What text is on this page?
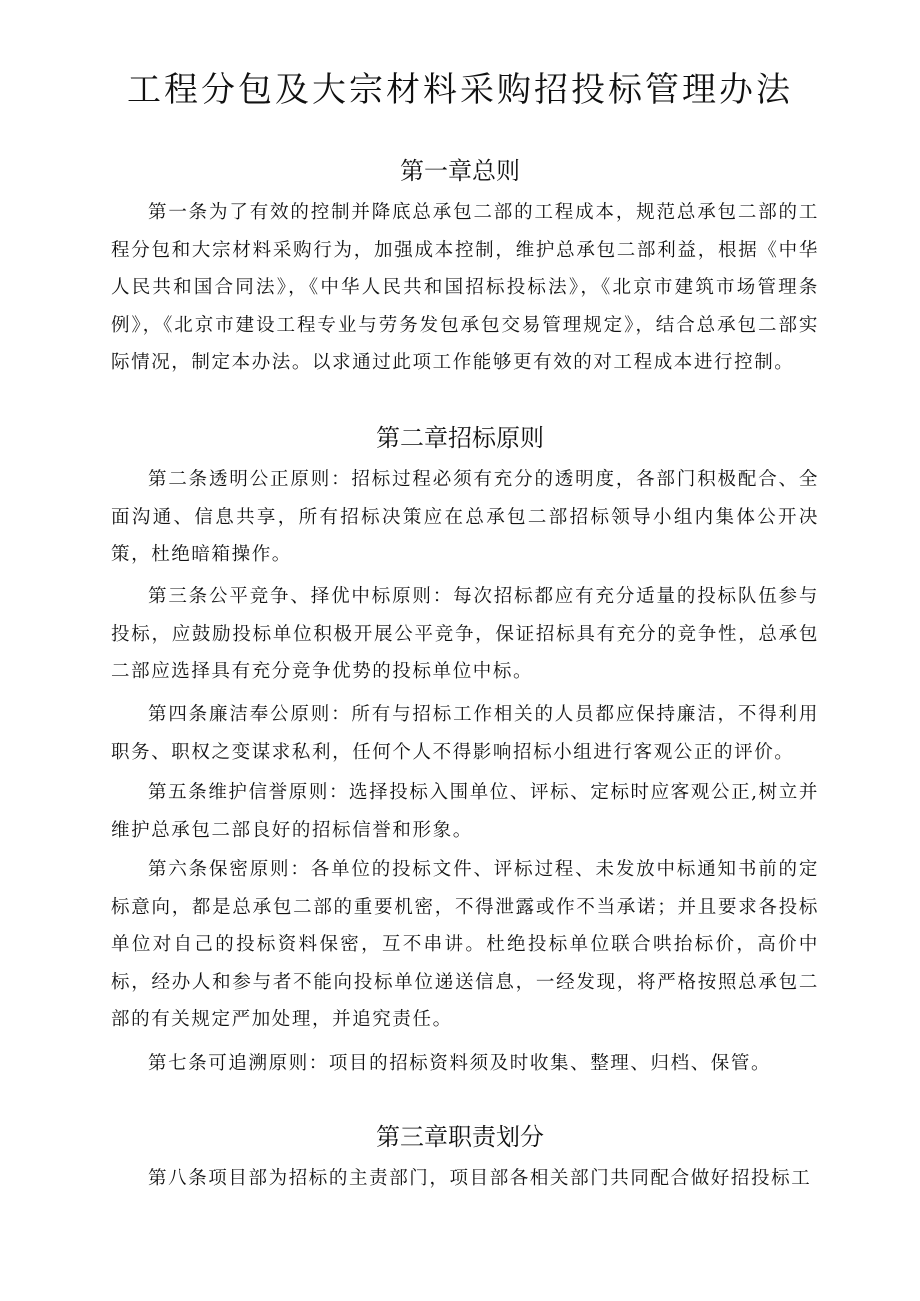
工程分包及大宗材料采购招投标管理办法
第一章总则

第一条为了有效的控制并降底总承包二部的工程成本，规范总承包二部的工程分包和大宗材料采购行为，加强成本控制，维护总承包二部利益，根据《中华人民共和国合同法》，《中华人民共和国招标投标法》，《北京市建筑市场管理条例》，《北京市建设工程专业与劳务发包承包交易管理规定》，结合总承包二部实际情况，制定本办法。以求通过此项工作能够更有效的对工程成本进行控制。

第二章招标原则

第二条透明公正原则：招标过程必须有充分的透明度，各部门积极配合、全面沟通、信息共享，所有招标决策应在总承包二部招标领导小组内集体公开决策，杜绝暗箱操作。

第三条公平竞争、择优中标原则：每次招标都应有充分适量的投标队伍参与投标，应鼓励投标单位积极开展公平竞争，保证招标具有充分的竞争性，总承包二部应选择具有充分竞争优势的投标单位中标。

第四条廉洁奉公原则：所有与招标工作相关的人员都应保持廉洁，不得利用职务、职权之变谋求私利，任何个人不得影响招标小组进行客观公正的评价。

第五条维护信誉原则：选择投标入围单位、评标、定标时应客观公正,树立并维护总承包二部良好的招标信誉和形象。

第六条保密原则：各单位的投标文件、评标过程、未发放中标通知书前的定标意向，都是总承包二部的重要机密，不得泄露或作不当承诺；并且要求各投标单位对自己的投标资料保密，互不串讲。杜绝投标单位联合哄抬标价，高价中标，经办人和参与者不能向投标单位递送信息，一经发现，将严格按照总承包二部的有关规定严加处理，并追究责任。

第七条可追溯原则：项目的招标资料须及时收集、整理、归档、保管。

第三章职责划分

第八条项目部为招标的主责部门，项目部各相关部门共同配合做好招投标工
